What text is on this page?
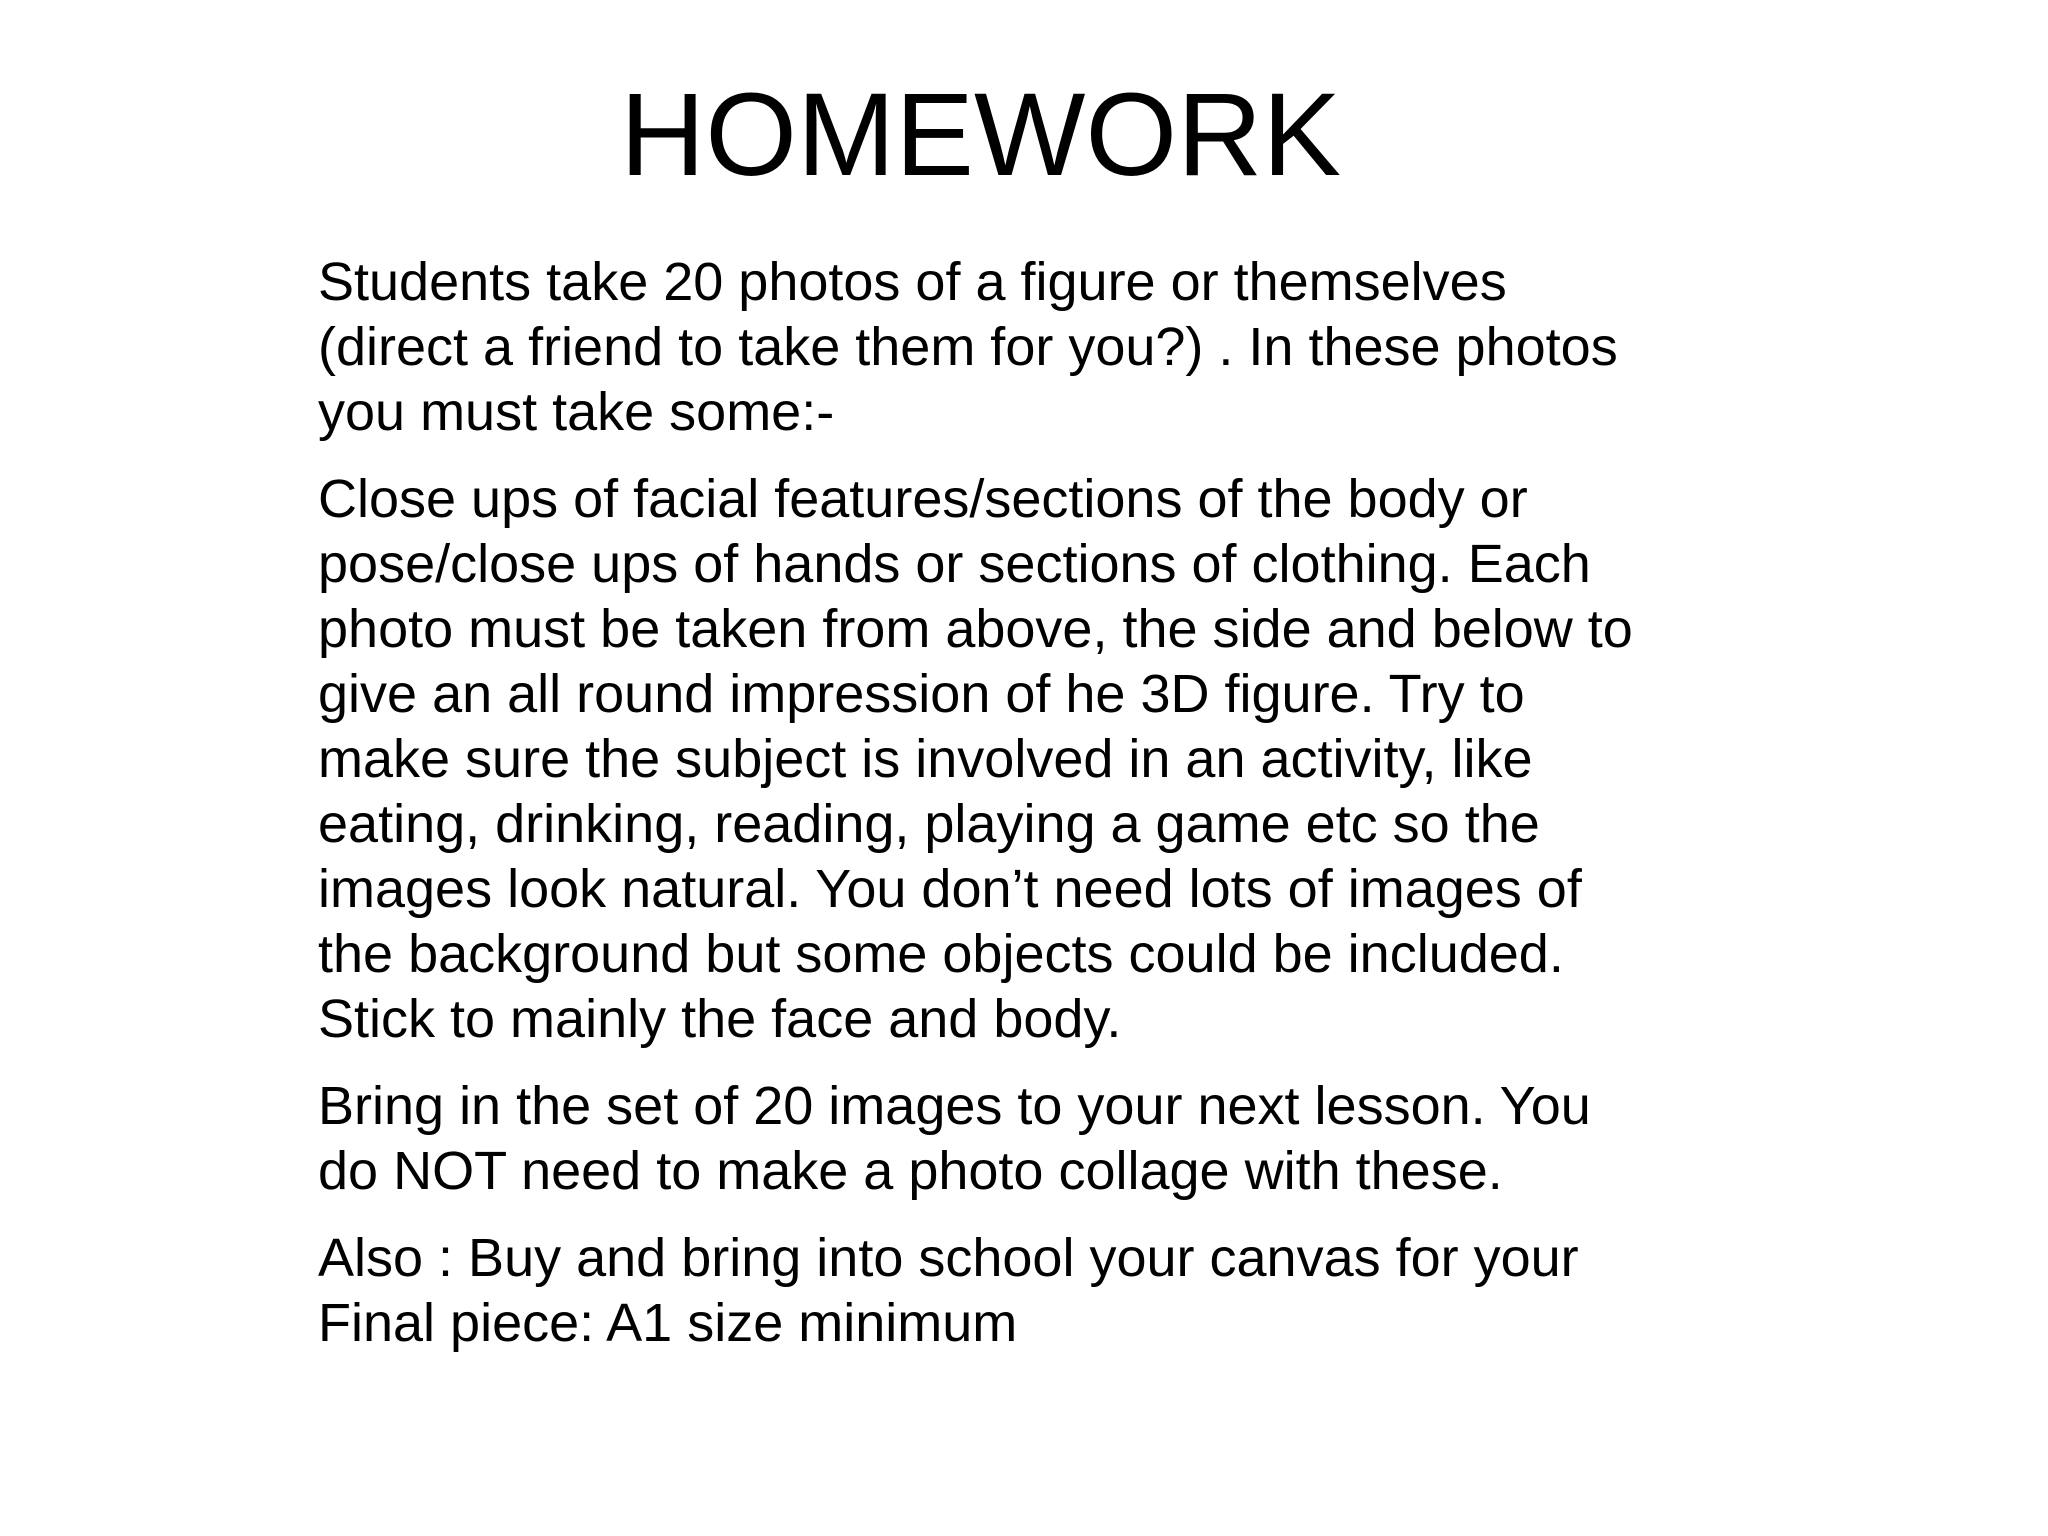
HOMEWORK

Students take 20 photos of a figure or themselves
(direct a friend to take them for you?) . In these photos
you must take some:-

Close ups of facial features/sections of the body or
pose/close ups of hands or sections of clothing. Each
photo must be taken from above, the side and below to
give an all round impression of he 3D figure. Try to
make sure the subject is involved in an activity, like
eating, drinking, reading, playing a game etc so the
images look natural. You don’t need lots of images of
the background but some objects could be included.
Stick to mainly the face and body.

Bring in the set of 20 images to your next lesson. You
do NOT need to make a photo collage with these.

Also : Buy and bring into school your canvas for your
Final piece: A1 size minimum
